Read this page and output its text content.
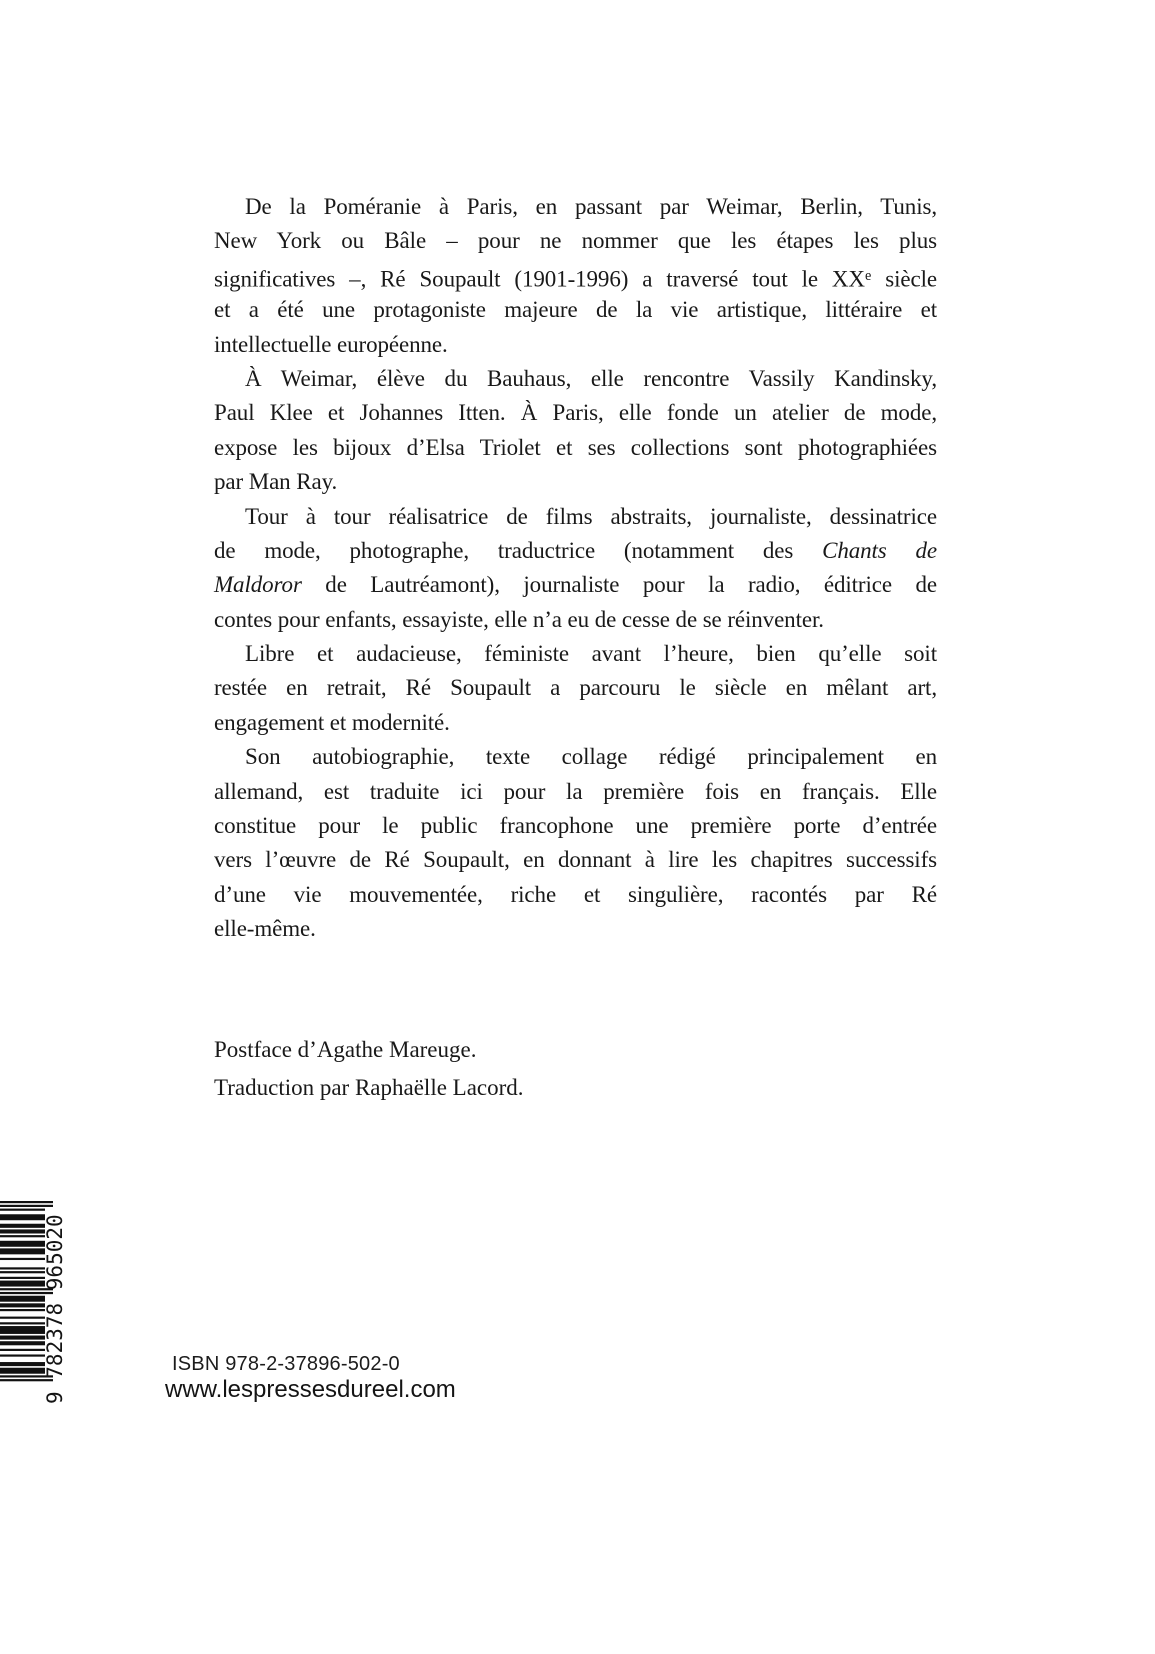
De la Poméranie à Paris, en passant par Weimar, Berlin, Tunis,
New York ou Bâle – pour ne nommer que les étapes les plus
significatives –, Ré Soupault (1901-1996) a traversé tout le XXe siècle
et a été une protagoniste majeure de la vie artistique, littéraire et
intellectuelle européenne.
À Weimar, élève du Bauhaus, elle rencontre Vassily Kandinsky,
Paul Klee et Johannes Itten. À Paris, elle fonde un atelier de mode,
expose les bijoux d’Elsa Triolet et ses collections sont photographiées
par Man Ray.
Tour à tour réalisatrice de films abstraits, journaliste, dessinatrice
de mode, photographe, traductrice (notamment des Chants de
Maldoror de Lautréamont), journaliste pour la radio, éditrice de
contes pour enfants, essayiste, elle n’a eu de cesse de se réinventer.
Libre et audacieuse, féministe avant l’heure, bien qu’elle soit
restée en retrait, Ré Soupault a parcouru le siècle en mêlant art,
engagement et modernité.
Son autobiographie, texte collage rédigé principalement en
allemand, est traduite ici pour la première fois en français. Elle
constitue pour le public francophone une première porte d’entrée
vers l’œuvre de Ré Soupault, en donnant à lire les chapitres successifs
d’une vie mouvementée, riche et singulière, racontés par Ré
elle-même.
Postface d’Agathe Mareuge.
Traduction par Raphaëlle Lacord.
9 782378 965020	ISBN 978-2-37896-502-0
www.lespressesdureel.com
